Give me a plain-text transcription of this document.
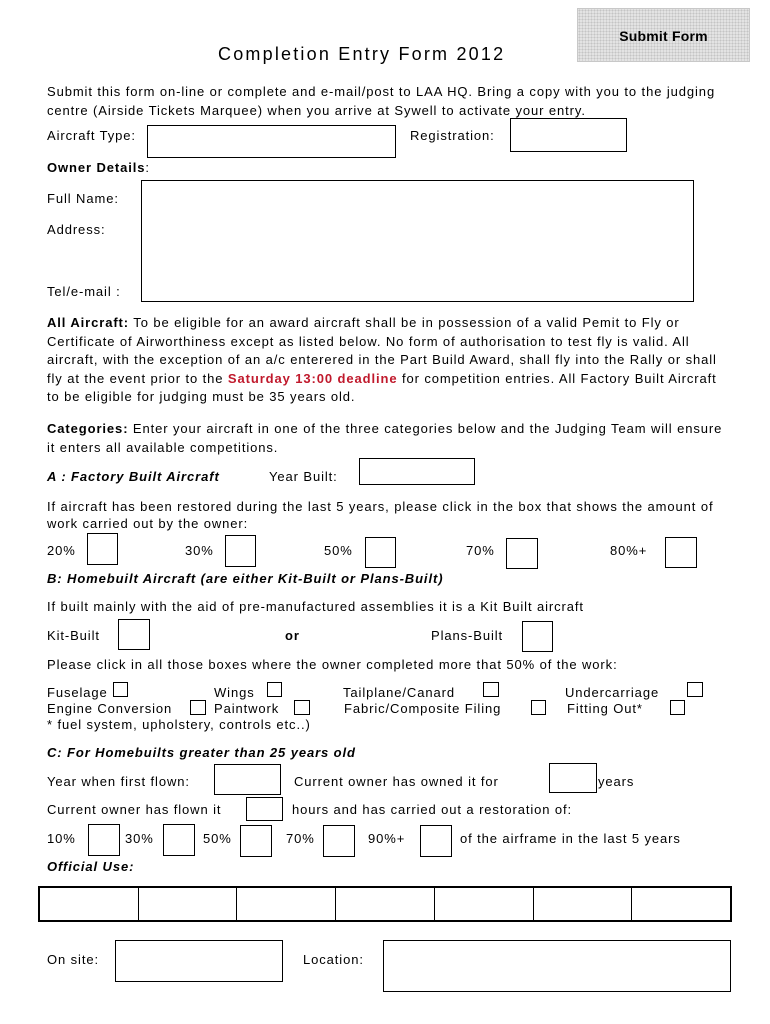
Submit Form
Completion Entry Form 2012
Submit this form on-line or complete and e-mail/post to LAA HQ. Bring a copy with you to the judging centre (Airside Tickets Marquee) when you arrive at Sywell to activate your entry.
Aircraft Type:	Registration:
Owner Details:
Full Name:
Address:
Tel/e-mail :
All Aircraft: To be eligible for an award aircraft shall be in possession of a valid Pemit to Fly or Certificate of Airworthiness except as listed below. No form of authorisation to test fly is valid. All aircraft, with the exception of an a/c enterered in the Part Build Award, shall fly into the Rally or shall fly at the event prior to the Saturday 13:00 deadline for competition entries. All Factory Built Aircraft to be eligible for judging must be 35 years old.
Categories: Enter your aircraft in one of the three categories below and the Judging Team will ensure it enters all available competitions.
A : Factory Built Aircraft	Year Built:
If aircraft has been restored during the last 5 years, please click in the box that shows the amount of work carried out by the owner:
20%	30%	50%	70%	80%+
B: Homebuilt Aircraft (are either Kit-Built or Plans-Built)
If built mainly with the aid of pre-manufactured assemblies it is a Kit Built aircraft
Kit-Built	or	Plans-Built
Please click in all those boxes where the owner completed more that 50% of the work:
Fuselage	Wings	Tailplane/Canard	Undercarriage
Engine Conversion	Paintwork	Fabric/Composite Filing	Fitting Out*
* fuel system, upholstery, controls etc..)
C: For Homebuilts greater than 25 years old
Year when first flown:	Current owner has owned it for	years
Current owner has flown it	hours and has carried out a restoration of:
10%	30%	50%	70%	90%+	of the airframe in the last 5 years
Official Use:
On site:	Location:
